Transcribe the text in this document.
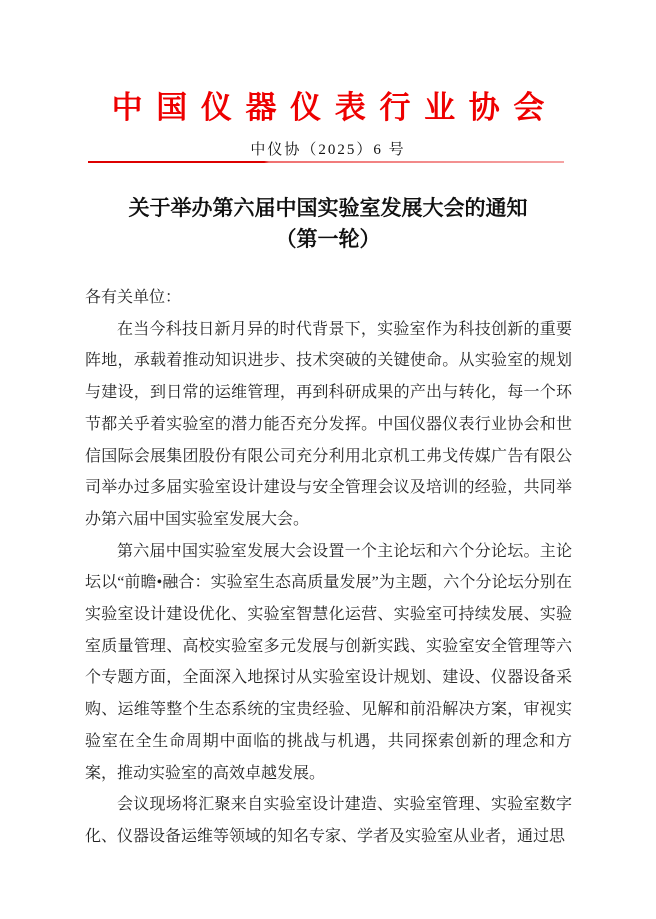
中国仪器仪表行业协会
中仪协（2025）6 号
关于举办第六届中国实验室发展大会的通知
（第一轮）

各有关单位：

在当今科技日新月异的时代背景下，实验室作为科技创新的重要阵地，承载着推动知识进步、技术突破的关键使命。从实验室的规划与建设，到日常的运维管理，再到科研成果的产出与转化，每一个环节都关乎着实验室的潜力能否充分发挥。中国仪器仪表行业协会和世信国际会展集团股份有限公司充分利用北京机工弗戈传媒广告有限公司举办过多届实验室设计建设与安全管理会议及培训的经验，共同举办第六届中国实验室发展大会。

第六届中国实验室发展大会设置一个主论坛和六个分论坛。主论坛以“前瞻•融合：实验室生态高质量发展”为主题，六个分论坛分别在实验室设计建设优化、实验室智慧化运营、实验室可持续发展、实验室质量管理、高校实验室多元发展与创新实践、实验室安全管理等六个专题方面，全面深入地探讨从实验室设计规划、建设、仪器设备采购、运维等整个生态系统的宝贵经验、见解和前沿解决方案，审视实验室在全生命周期中面临的挑战与机遇，共同探索创新的理念和方案，推动实验室的高效卓越发展。

会议现场将汇聚来自实验室设计建造、实验室管理、实验室数字化、仪器设备运维等领域的知名专家、学者及实验室从业者，通过思
